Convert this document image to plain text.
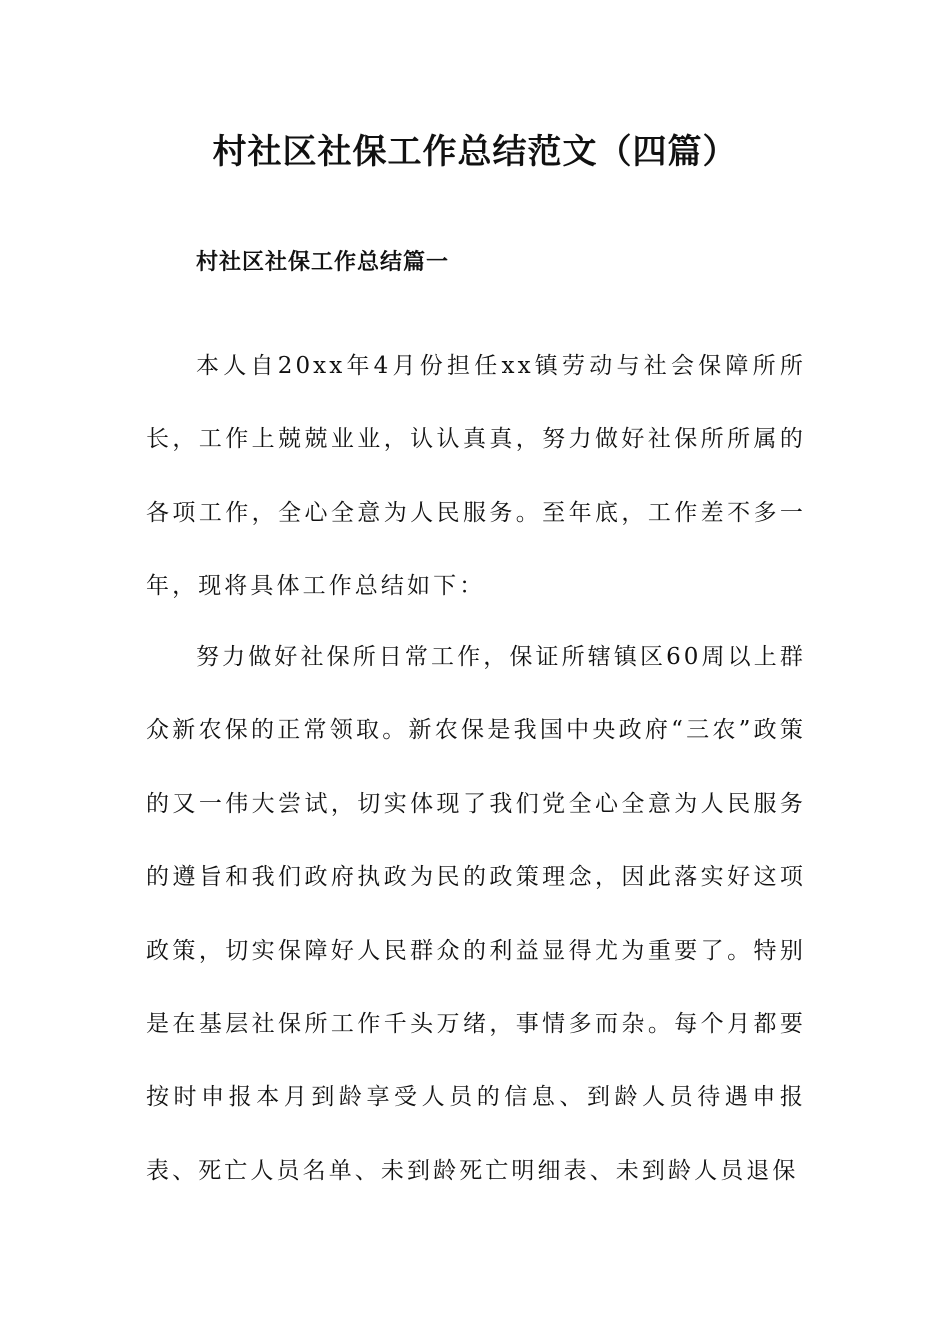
村社区社保工作总结范文（四篇）
村社区社保工作总结篇一

本人自20xx年4月份担任xx镇劳动与社会保障所所长，工作上兢兢业业，认认真真，努力做好社保所所属的各项工作，全心全意为人民服务。至年底，工作差不多一年，现将具体工作总结如下：

努力做好社保所日常工作，保证所辖镇区60周以上群众新农保的正常领取。新农保是我国中央政府“三农”政策的又一伟大尝试，切实体现了我们党全心全意为人民服务的遵旨和我们政府执政为民的政策理念，因此落实好这项政策，切实保障好人民群众的利益显得尤为重要了。特别是在基层社保所工作千头万绪，事情多而杂。每个月都要按时申报本月到龄享受人员的信息、到龄人员待遇申报表、死亡人员名单、未到龄死亡明细表、未到龄人员退保
